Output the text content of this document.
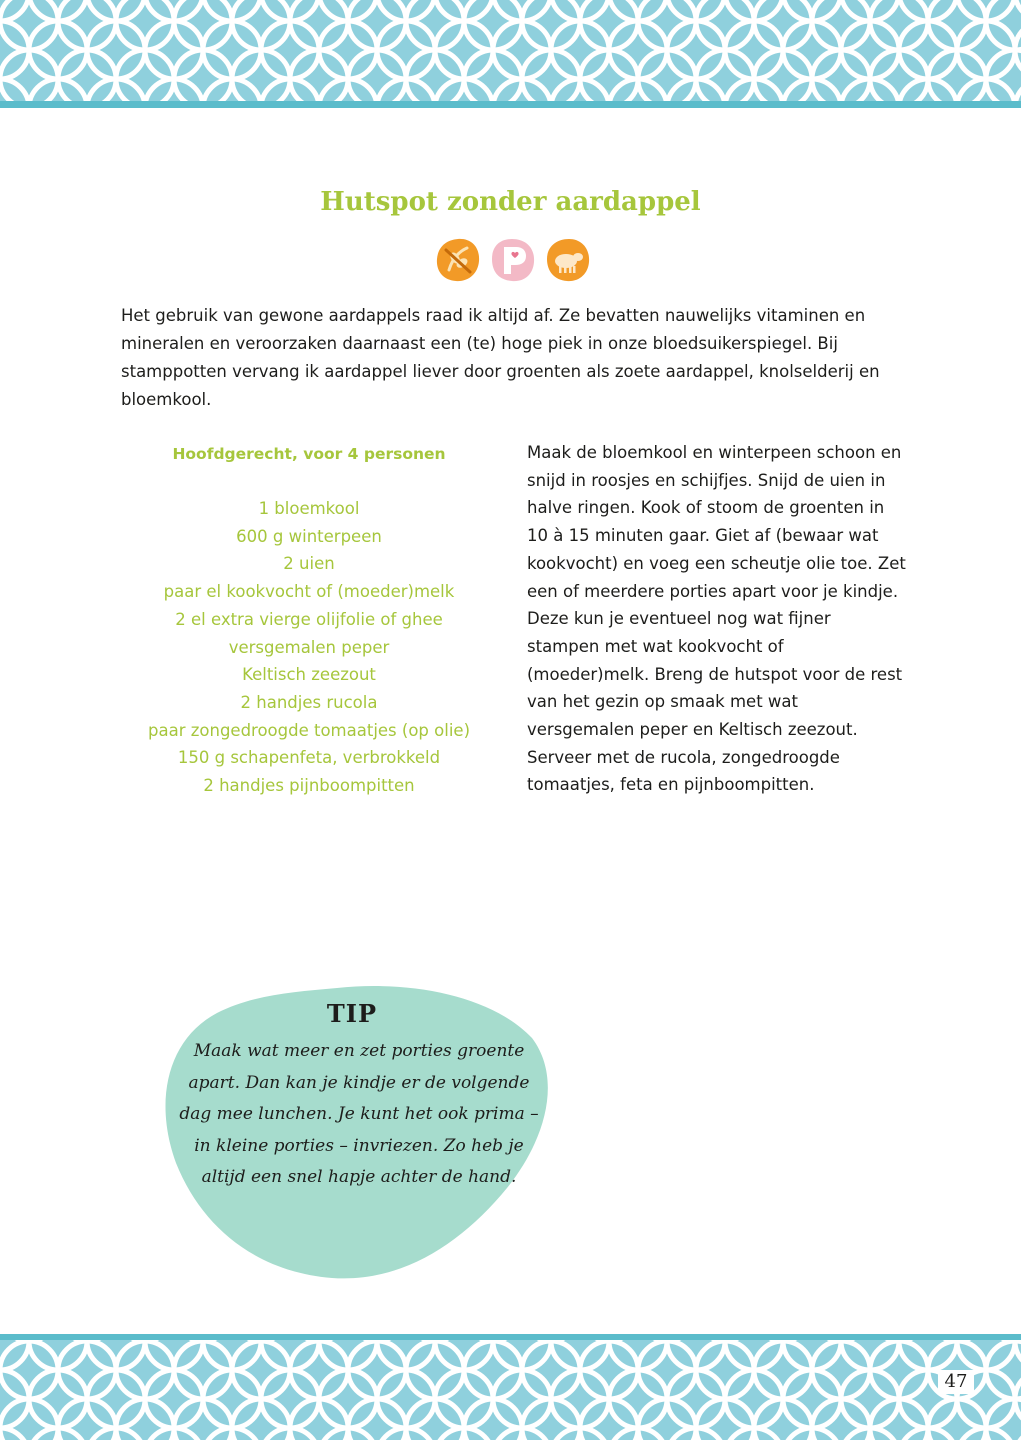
Hutspot zonder aardappel

Het gebruik van gewone aardappels raad ik altijd af. Ze bevatten nauwelijks vitaminen en mineralen en veroorzaken daarnaast een (te) hoge piek in onze bloedsuikerspiegel. Bij stamppotten vervang ik aardappel liever door groenten als zoete aardappel, knolselderij en bloemkool.

Hoofdgerecht, voor 4 personen

1 bloemkool
600 g winterpeen
2 uien
paar el kookvocht of (moeder)melk
2 el extra vierge olijfolie of ghee
versgemalen peper
Keltisch zeezout
2 handjes rucola
paar zongedroogde tomaatjes (op olie)
150 g schapenfeta, verbrokkeld
2 handjes pijnboompitten

Maak de bloemkool en winterpeen schoon en snijd in roosjes en schijfjes. Snijd de uien in halve ringen. Kook of stoom de groenten in 10 à 15 minuten gaar. Giet af (bewaar wat kookvocht) en voeg een scheutje olie toe. Zet een of meerdere porties apart voor je kindje. Deze kun je eventueel nog wat fijner stampen met wat kookvocht of (moeder)melk. Breng de hutspot voor de rest van het gezin op smaak met wat versgemalen peper en Keltisch zeezout. Serveer met de rucola, zongedroogde tomaatjes, feta en pijnboompitten.

TIP

Maak wat meer en zet porties groente apart. Dan kan je kindje er de volgende dag mee lunchen. Je kunt het ook prima – in kleine porties – invriezen. Zo heb je altijd een snel hapje achter de hand.

47
